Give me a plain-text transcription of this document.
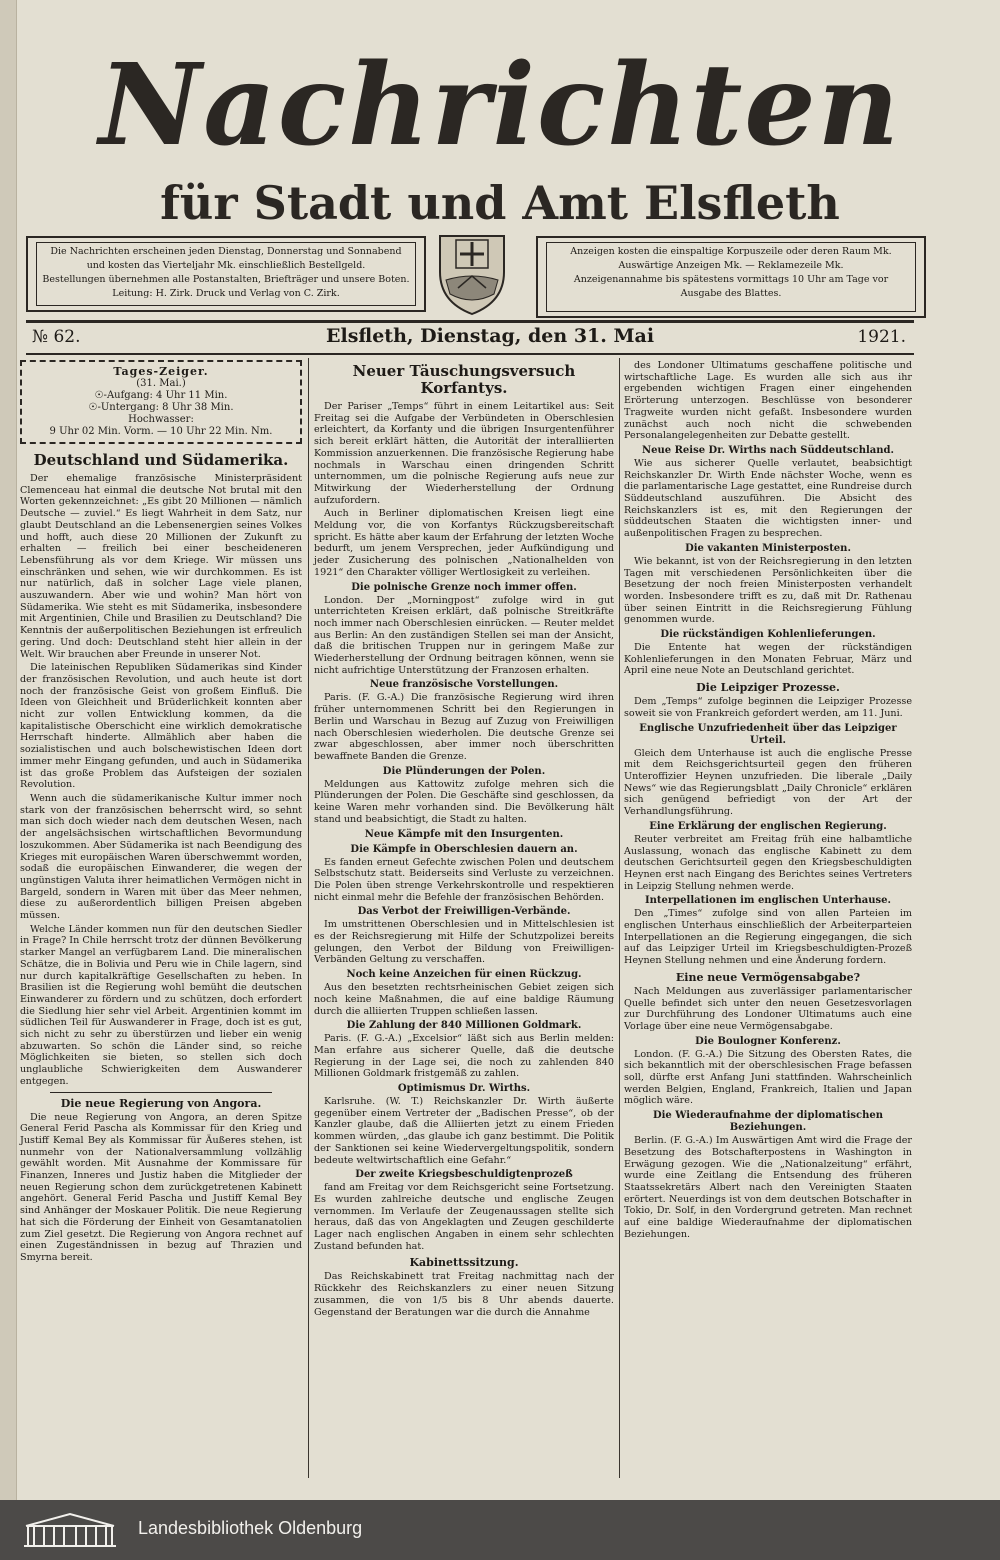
Nachrichten
für Stadt und Amt Elsfleth
Die Nachrichten erscheinen jeden Dienstag, Donnerstag und Sonnabend
und kosten das Vierteljahr Mk. einschließlich Bestellgeld.
Bestellungen übernehmen alle Postanstalten, Briefträger und unsere Boten.
Leitung: H. Zirk. Druck und Verlag von C. Zirk.
Anzeigen kosten die einspaltige Korpuszeile oder deren Raum Mk.
Auswärtige Anzeigen Mk. — Reklamezeile Mk.
Anzeigenannahme bis spätestens vormittags 10 Uhr am Tage vor
Ausgabe des Blattes.
№ 62.	Elsfleth, Dienstag, den 31. Mai	1921.
Tages-Zeiger.
(31. Mai.)
☉-Aufgang: 4 Uhr 11 Min.
☉-Untergang: 8 Uhr 38 Min.
Hochwasser:
9 Uhr 02 Min. Vorm. — 10 Uhr 22 Min. Nm.
Deutschland und Südamerika.

Der ehemalige französische Ministerpräsident Clemenceau hat einmal die deutsche Not brutal mit den Worten gekennzeichnet: „Es gibt 20 Millionen — nämlich Deutsche — zuviel.“ Es liegt Wahrheit in dem Satz, nur glaubt Deutschland an die Lebensenergien seines Volkes und hofft, auch diese 20 Millionen der Zukunft zu erhalten — freilich bei einer bescheideneren Lebensführung als vor dem Kriege. Wir müssen uns einschränken und sehen, wie wir durchkommen. Es ist nur natürlich, daß in solcher Lage viele planen, auszuwandern. Aber wie und wohin? Man hört von Südamerika. Wie steht es mit Südamerika, insbesondere mit Argentinien, Chile und Brasilien zu Deutschland? Die Kenntnis der außerpolitischen Beziehungen ist erfreulich gering. Und doch: Deutschland steht hier allein in der Welt. Wir brauchen aber Freunde in unserer Not.

Die lateinischen Republiken Südamerikas sind Kinder der französischen Revolution, und auch heute ist dort noch der französische Geist von großem Einfluß. Die Ideen von Gleichheit und Brüderlichkeit konnten aber nicht zur vollen Entwicklung kommen, da die kapitalistische Oberschicht eine wirklich demokratische Herrschaft hinderte. Allmählich aber haben die sozialistischen und auch bolschewistischen Ideen dort immer mehr Eingang gefunden, und auch in Südamerika ist das große Problem das Aufsteigen der sozialen Revolution.

Wenn auch die südamerikanische Kultur immer noch stark von der französischen beherrscht wird, so sehnt man sich doch wieder nach dem deutschen Wesen, nach der angelsächsischen wirtschaftlichen Bevormundung loszukommen. Aber Südamerika ist nach Beendigung des Krieges mit europäischen Waren überschwemmt worden, sodaß die europäischen Einwanderer, die wegen der ungünstigen Valuta ihrer heimatlichen Vermögen nicht in Bargeld, sondern in Waren mit über das Meer nehmen, diese zu außerordentlich billigen Preisen abgeben müssen.

Welche Länder kommen nun für den deutschen Siedler in Frage? In Chile herrscht trotz der dünnen Bevölkerung starker Mangel an verfügbarem Land. Die mineralischen Schätze, die in Bolivia und Peru wie in Chile lagern, sind nur durch kapitalkräftige Gesellschaften zu heben. In Brasilien ist die Regierung wohl bemüht die deutschen Einwanderer zu fördern und zu schützen, doch erfordert die Siedlung hier sehr viel Arbeit. Argentinien kommt im südlichen Teil für Auswanderer in Frage, doch ist es gut, sich nicht zu sehr zu überstürzen und lieber ein wenig abzuwarten. So schön die Länder sind, so reiche Möglichkeiten sie bieten, so stellen sich doch unglaubliche Schwierigkeiten dem Auswanderer entgegen.

Die neue Regierung von Angora.

Die neue Regierung von Angora, an deren Spitze General Ferid Pascha als Kommissar für den Krieg und Justiff Kemal Bey als Kommissar für Äußeres stehen, ist nunmehr von der Nationalversammlung vollzählig gewählt worden. Mit Ausnahme der Kommissare für Finanzen, Inneres und Justiz haben die Mitglieder der neuen Regierung schon dem zurückgetretenen Kabinett angehört. General Ferid Pascha und Justiff Kemal Bey sind Anhänger der Moskauer Politik. Die neue Regierung hat sich die Förderung der Einheit von Gesamtanatolien zum Ziel gesetzt. Die Regierung von Angora rechnet auf einen Zugeständnissen in bezug auf Thrazien und Smyrna bereit.

Neuer Täuschungsversuch Korfantys.

Der Pariser „Temps“ führt in einem Leitartikel aus: Seit Freitag sei die Aufgabe der Verbündeten in Oberschlesien erleichtert, da Korfanty und die übrigen Insurgentenführer sich bereit erklärt hätten, die Autorität der interalliierten Kommission anzuerkennen. Die französische Regierung habe nochmals in Warschau einen dringenden Schritt unternommen, um die polnische Regierung aufs neue zur Mitwirkung der Wiederherstellung der Ordnung aufzufordern.

Auch in Berliner diplomatischen Kreisen liegt eine Meldung vor, die von Korfantys Rückzugsbereitschaft spricht. Es hätte aber kaum der Erfahrung der letzten Woche bedurft, um jenem Versprechen, jeder Aufkündigung und jeder Zusicherung des polnischen „Nationalhelden von 1921“ den Charakter völliger Wertlosigkeit zu verleihen.

Die polnische Grenze noch immer offen.

London. Der „Morningpost“ zufolge wird in gut unterrichteten Kreisen erklärt, daß polnische Streitkräfte noch immer nach Oberschlesien einrücken. — Reuter meldet aus Berlin: An den zuständigen Stellen sei man der Ansicht, daß die britischen Truppen nur in geringem Maße zur Wiederherstellung der Ordnung beitragen können, wenn sie nicht aufrichtige Unterstützung der Franzosen erhalten.

Neue französische Vorstellungen.

Paris. (F. G.-A.) Die französische Regierung wird ihren früher unternommenen Schritt bei den Regierungen in Berlin und Warschau in Bezug auf Zuzug von Freiwilligen nach Oberschlesien wiederholen. Die deutsche Grenze sei zwar abgeschlossen, aber immer noch überschritten bewaffnete Banden die Grenze.

Die Plünderungen der Polen.

Meldungen aus Kattowitz zufolge mehren sich die Plünderungen der Polen. Die Geschäfte sind geschlossen, da keine Waren mehr vorhanden sind. Die Bevölkerung hält stand und beabsichtigt, die Stadt zu halten.

Neue Kämpfe mit den Insurgenten.
Die Kämpfe in Oberschlesien dauern an.

Es fanden erneut Gefechte zwischen Polen und deutschem Selbstschutz statt. Beiderseits sind Verluste zu verzeichnen. Die Polen üben strenge Verkehrskontrolle und respektieren nicht einmal mehr die Befehle der französischen Behörden.

Das Verbot der Freiwilligen-Verbände.

Im umstrittenen Oberschlesien und in Mittelschlesien ist es der Reichsregierung mit Hilfe der Schutzpolizei bereits gelungen, den Verbot der Bildung von Freiwilligen-Verbänden Geltung zu verschaffen.

Noch keine Anzeichen für einen Rückzug.

Aus den besetzten rechtsrheinischen Gebiet zeigen sich noch keine Maßnahmen, die auf eine baldige Räumung durch die alliierten Truppen schließen lassen.

Die Zahlung der 840 Millionen Goldmark.

Paris. (F. G.-A.) „Excelsior“ läßt sich aus Berlin melden: Man erfahre aus sicherer Quelle, daß die deutsche Regierung in der Lage sei, die noch zu zahlenden 840 Millionen Goldmark fristgemäß zu zahlen.

Optimismus Dr. Wirths.

Karlsruhe. (W. T.) Reichskanzler Dr. Wirth äußerte gegenüber einem Vertreter der „Badischen Presse“, ob der Kanzler glaube, daß die Alliierten jetzt zu einem Frieden kommen würden, „das glaube ich ganz bestimmt. Die Politik der Sanktionen sei keine Wiedervergeltungspolitik, sondern bedeute weltwirtschaftlich eine Gefahr.“

Der zweite Kriegsbeschuldigtenprozeß

fand am Freitag vor dem Reichsgericht seine Fortsetzung. Es wurden zahlreiche deutsche und englische Zeugen vernommen. Im Verlaufe der Zeugenaussagen stellte sich heraus, daß das von Angeklagten und Zeugen geschilderte Lager nach englischen Angaben in einem sehr schlechten Zustand befunden hat.

Kabinettssitzung.

Das Reichskabinett trat Freitag nachmittag nach der Rückkehr des Reichskanzlers zu einer neuen Sitzung zusammen, die von 1/5 bis 8 Uhr abends dauerte. Gegenstand der Beratungen war die durch die Annahme

des Londoner Ultimatums geschaffene politische und wirtschaftliche Lage. Es wurden alle sich aus ihr ergebenden wichtigen Fragen einer eingehenden Erörterung unterzogen. Beschlüsse von besonderer Tragweite wurden nicht gefaßt. Insbesondere wurden zunächst auch noch nicht die schwebenden Personalangelegenheiten zur Debatte gestellt.

Neue Reise Dr. Wirths nach Süddeutschland.

Wie aus sicherer Quelle verlautet, beabsichtigt Reichskanzler Dr. Wirth Ende nächster Woche, wenn es die parlamentarische Lage gestattet, eine Rundreise durch Süddeutschland auszuführen. Die Absicht des Reichskanzlers ist es, mit den Regierungen der süddeutschen Staaten die wichtigsten inner- und außenpolitischen Fragen zu besprechen.

Die vakanten Ministerposten.

Wie bekannt, ist von der Reichsregierung in den letzten Tagen mit verschiedenen Persönlichkeiten über die Besetzung der noch freien Ministerposten verhandelt worden. Insbesondere trifft es zu, daß mit Dr. Rathenau über seinen Eintritt in die Reichsregierung Fühlung genommen wurde.

Die rückständigen Kohlenlieferungen.

Die Entente hat wegen der rückständigen Kohlenlieferungen in den Monaten Februar, März und April eine neue Note an Deutschland gerichtet.

Die Leipziger Prozesse.

Dem „Temps“ zufolge beginnen die Leipziger Prozesse soweit sie von Frankreich gefordert werden, am 11. Juni.

Englische Unzufriedenheit über das Leipziger Urteil.

Gleich dem Unterhause ist auch die englische Presse mit dem Reichsgerichtsurteil gegen den früheren Unteroffizier Heynen unzufrieden. Die liberale „Daily News“ wie das Regierungsblatt „Daily Chronicle“ erklären sich genügend befriedigt von der Art der Verhandlungsführung.

Eine Erklärung der englischen Regierung.

Reuter verbreitet am Freitag früh eine halbamtliche Auslassung, wonach das englische Kabinett zu dem deutschen Gerichtsurteil gegen den Kriegsbeschuldigten Heynen erst nach Eingang des Berichtes seines Vertreters in Leipzig Stellung nehmen werde.

Interpellationen im englischen Unterhause.

Den „Times“ zufolge sind von allen Parteien im englischen Unterhaus einschließlich der Arbeiterparteien Interpellationen an die Regierung eingegangen, die sich auf das Leipziger Urteil im Kriegsbeschuldigten-Prozeß Heynen Stellung nehmen und eine Änderung fordern.

Eine neue Vermögensabgabe?

Nach Meldungen aus zuverlässiger parlamentarischer Quelle befindet sich unter den neuen Gesetzesvorlagen zur Durchführung des Londoner Ultimatums auch eine Vorlage über eine neue Vermögensabgabe.

Die Boulogner Konferenz.

London. (F. G.-A.) Die Sitzung des Obersten Rates, die sich bekanntlich mit der oberschlesischen Frage befassen soll, dürfte erst Anfang Juni stattfinden. Wahrscheinlich werden Belgien, England, Frankreich, Italien und Japan möglich wäre.

Die Wiederaufnahme der diplomatischen Beziehungen.

Berlin. (F. G.-A.) Im Auswärtigen Amt wird die Frage der Besetzung des Botschafterpostens in Washington in Erwägung gezogen. Wie die „Nationalzeitung“ erfährt, wurde eine Zeitlang die Entsendung des früheren Staatssekretärs Albert nach den Vereinigten Staaten erörtert. Neuerdings ist von dem deutschen Botschafter in Tokio, Dr. Solf, in den Vordergrund getreten. Man rechnet auf eine baldige Wiederaufnahme der diplomatischen Beziehungen.

Landesbibliothek Oldenburg
